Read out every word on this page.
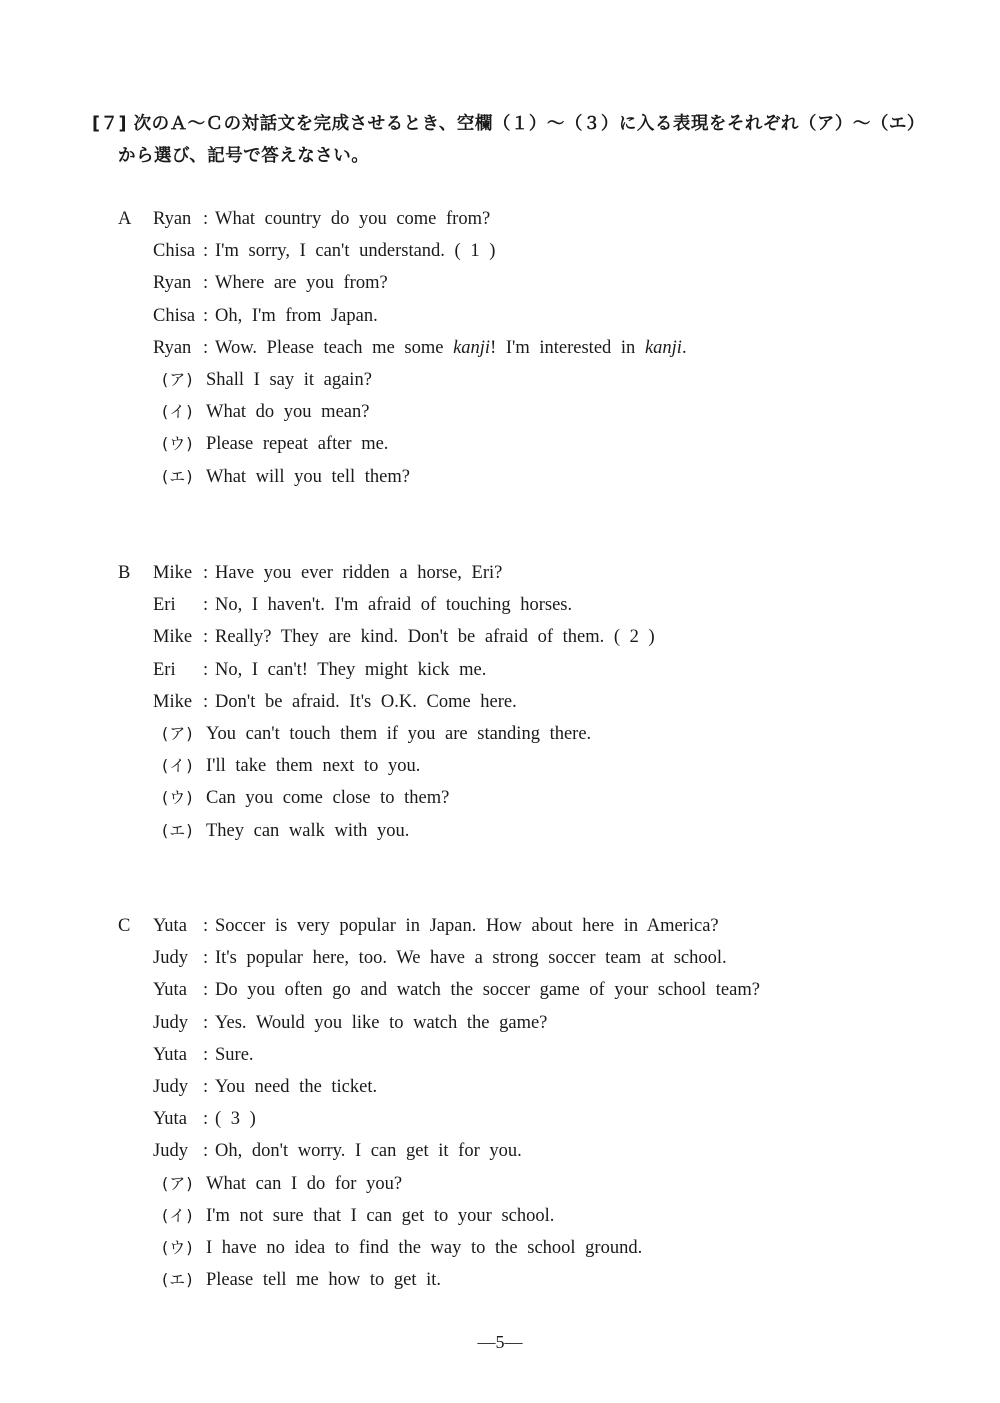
[７] 次のＡ～Ｃの対話文を完成させるとき、空欄（１）～（３）に入る表現をそれぞれ（ア）～（エ）
から選び、記号で答えなさい。
A	Ryan : What country do you come from?
Chisa : I'm sorry, I can't understand. ( 1 )
Ryan : Where are you from?
Chisa : Oh, I'm from Japan.
Ryan : Wow. Please teach me some kanji! I'm interested in kanji.
(ア) Shall I say it again?
(イ) What do you mean?
(ウ) Please repeat after me.
(エ) What will you tell them?
B	Mike : Have you ever ridden a horse, Eri?
Eri	: No, I haven't. I'm afraid of touching horses.
Mike : Really? They are kind. Don't be afraid of them. ( 2 )
Eri	: No, I can't! They might kick me.
Mike : Don't be afraid. It's O.K. Come here.
(ア) You can't touch them if you are standing there.
(イ) I'll take them next to you.
(ウ) Can you come close to them?
(エ) They can walk with you.
C	Yuta : Soccer is very popular in Japan. How about here in America?
Judy : It's popular here, too. We have a strong soccer team at school.
Yuta : Do you often go and watch the soccer game of your school team?
Judy : Yes. Would you like to watch the game?
Yuta : Sure.
Judy : You need the ticket.
Yuta : ( 3 )
Judy : Oh, don't worry. I can get it for you.
(ア) What can I do for you?
(イ) I'm not sure that I can get to your school.
(ウ) I have no idea to find the way to the school ground.
(エ) Please tell me how to get it.
―5―
